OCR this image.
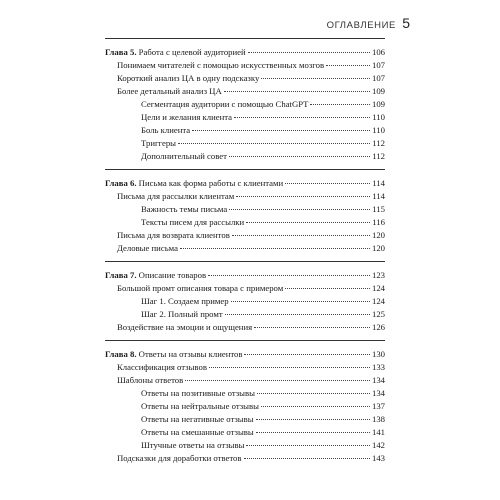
ОГЛАВЛЕНИЕ 5
Глава 5. Работа с целевой аудиторией	106
Понимаем читателей с помощью искусственных мозгов	107
Короткий анализ ЦА в одну подсказку	107
Более детальный анализ ЦА	109
Сегментация аудитории с помощью ChatGPT	109
Цели и желания клиента	110
Боль клиента	110
Триггеры	112
Дополнительный совет	112
Глава 6. Письма как форма работы с клиентами	114
Письма для рассылки клиентам	114
Важность темы письма	115
Тексты писем для рассылки	116
Письма для возврата клиентов	120
Деловые письма	120
Глава 7. Описание товаров	123
Большой промт описания товара с примером	124
Шаг 1. Создаем пример	124
Шаг 2. Полный промт	125
Воздействие на эмоции и ощущения	126
Глава 8. Ответы на отзывы клиентов	130
Классификация отзывов	133
Шаблоны ответов	134
Ответы на позитивные отзывы	134
Ответы на нейтральные отзывы	137
Ответы на негативные отзывы	138
Ответы на смешанные отзывы	141
Штучные ответы на отзывы	142
Подсказки для доработки ответов	143
